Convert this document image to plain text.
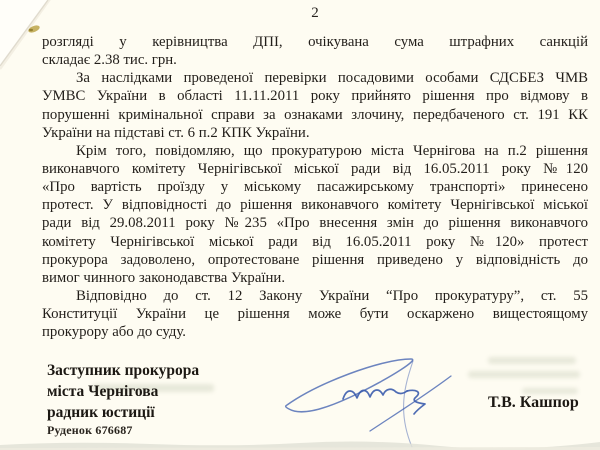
2
розгляді у керівництва ДПІ, очікувана сума штрафних санкцій
складає 2.38 тис. грн.
За наслідками проведеної перевірки посадовими особами СДСБЕЗ ЧМВ
УМВС України в області 11.11.2011 року прийнято рішення про відмову в
порушенні кримінальної справи за ознаками злочину, передбаченого ст. 191 КК
України на підставі ст. 6 п.2 КПК України.
Крім того, повідомляю, що прокуратурою міста Чернігова на п.2 рішення
виконавчого комітету Чернігівської міської ради від 16.05.2011 року №120
«Про вартість проїзду у міському пасажирському транспорті» принесено
протест. У відповідності до рішення виконавчого комітету Чернігівської міської
ради від 29.08.2011 року №235 «Про внесення змін до рішення виконавчого
комітету Чернігівської міської ради від 16.05.2011 року №120» протест
прокурора задоволено, опротестоване рішення приведено у відповідність до
вимог чинного законодавства України.
Відповідно до ст. 12 Закону України “Про прокуратуру”, ст. 55
Конституції України це рішення може бути оскаржено вищестоящому
прокурору або до суду.
Заступник прокурора
міста Чернігова
радник юстиції
Руденок 676687
Т.В. Кашпор
